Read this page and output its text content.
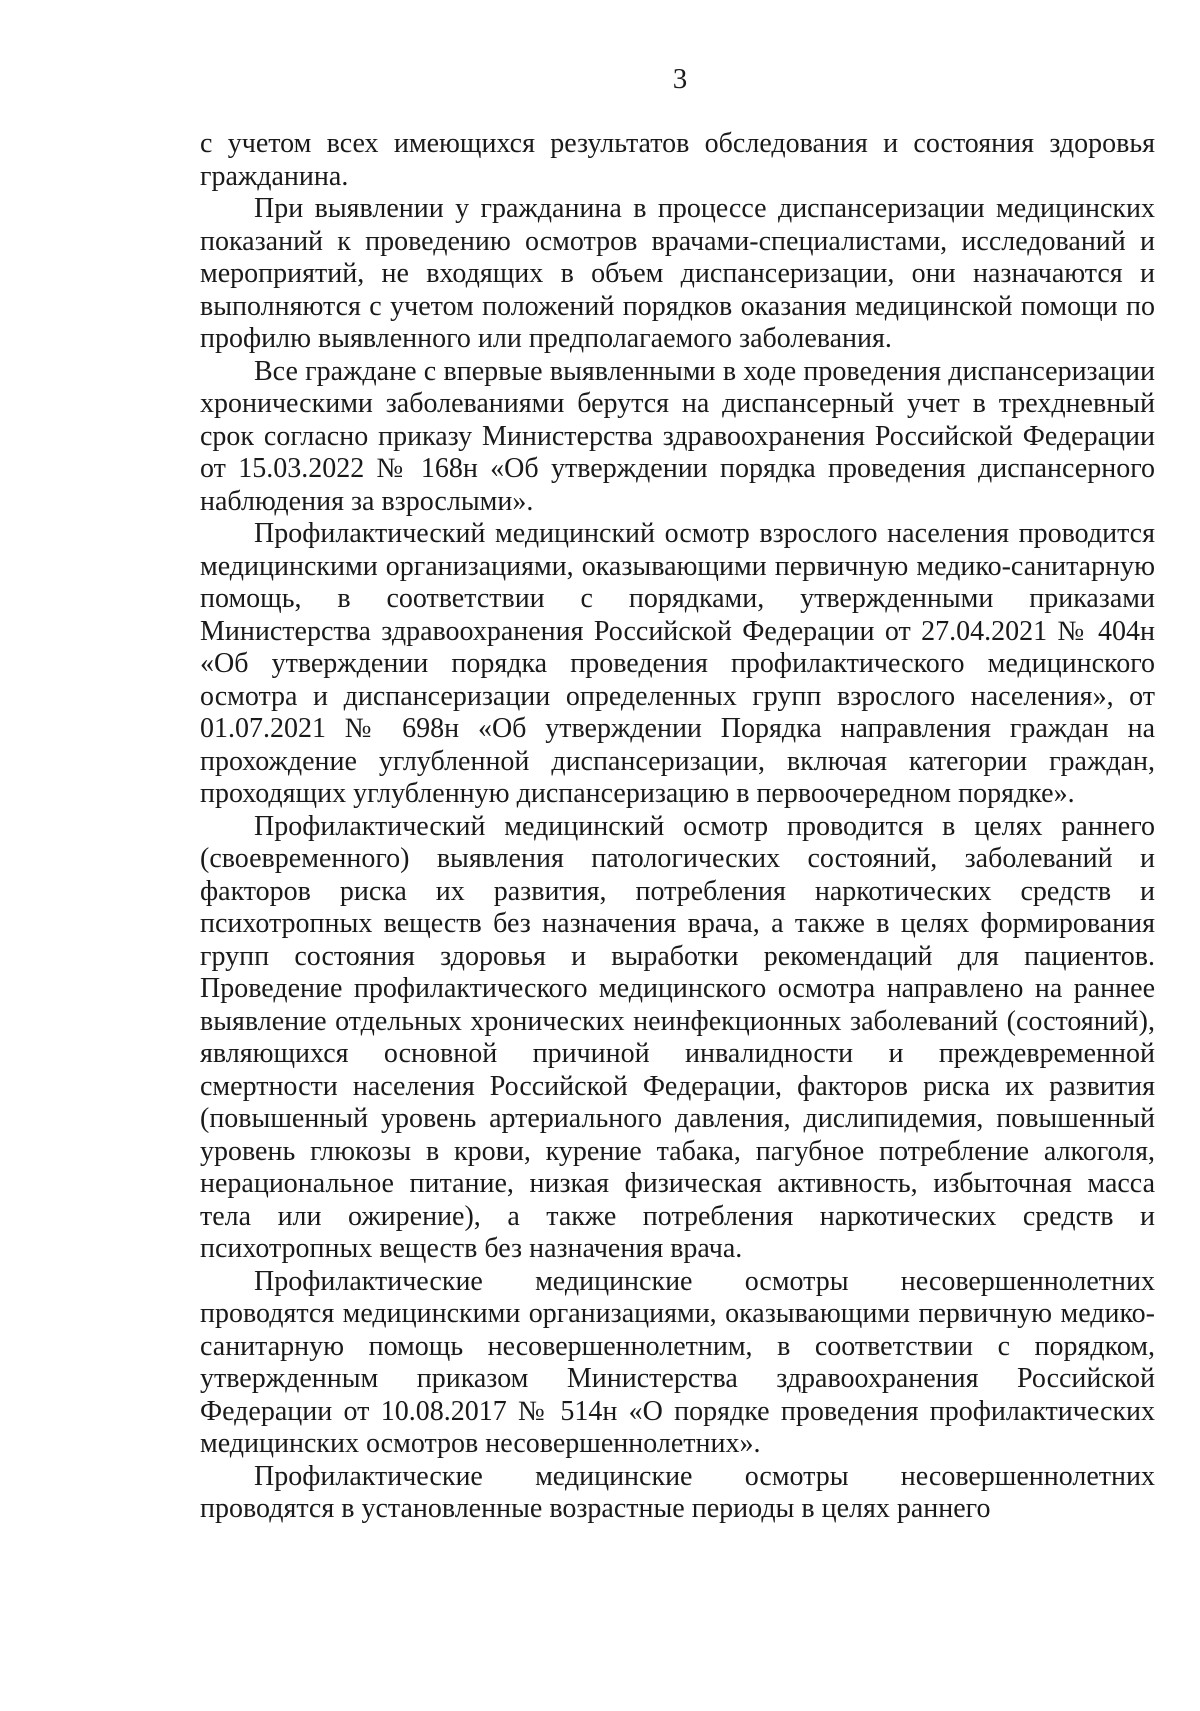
3

с учетом всех имеющихся результатов обследования и состояния здоровья гражданина.

При выявлении у гражданина в процессе диспансеризации медицинских показаний к проведению осмотров врачами-специалистами, исследований и мероприятий, не входящих в объем диспансеризации, они назначаются и выполняются с учетом положений порядков оказания медицинской помощи по профилю выявленного или предполагаемого заболевания.

Все граждане с впервые выявленными в ходе проведения диспансеризации хроническими заболеваниями берутся на диспансерный учет в трехдневный срок согласно приказу Министерства здравоохранения Российской Федерации от 15.03.2022 № 168н «Об утверждении порядка проведения диспансерного наблюдения за взрослыми».

Профилактический медицинский осмотр взрослого населения проводится медицинскими организациями, оказывающими первичную медико-санитарную помощь, в соответствии с порядками, утвержденными приказами Министерства здравоохранения Российской Федерации от 27.04.2021 № 404н «Об утверждении порядка проведения профилактического медицинского осмотра и диспансеризации определенных групп взрослого населения», от 01.07.2021 № 698н «Об утверждении Порядка направления граждан на прохождение углубленной диспансеризации, включая категории граждан, проходящих углубленную диспансеризацию в первоочередном порядке».

Профилактический медицинский осмотр проводится в целях раннего (своевременного) выявления патологических состояний, заболеваний и факторов риска их развития, потребления наркотических средств и психотропных веществ без назначения врача, а также в целях формирования групп состояния здоровья и выработки рекомендаций для пациентов. Проведение профилактического медицинского осмотра направлено на раннее выявление отдельных хронических неинфекционных заболеваний (состояний), являющихся основной причиной инвалидности и преждевременной смертности населения Российской Федерации, факторов риска их развития (повышенный уровень артериального давления, дислипидемия, повышенный уровень глюкозы в крови, курение табака, пагубное потребление алкоголя, нерациональное питание, низкая физическая активность, избыточная масса тела или ожирение), а также потребления наркотических средств и психотропных веществ без назначения врача.

Профилактические медицинские осмотры несовершеннолетних проводятся медицинскими организациями, оказывающими первичную медико-санитарную помощь несовершеннолетним, в соответствии с порядком, утвержденным приказом Министерства здравоохранения Российской Федерации от 10.08.2017 № 514н «О порядке проведения профилактических медицинских осмотров несовершеннолетних».

Профилактические медицинские осмотры несовершеннолетних проводятся в установленные возрастные периоды в целях раннего
